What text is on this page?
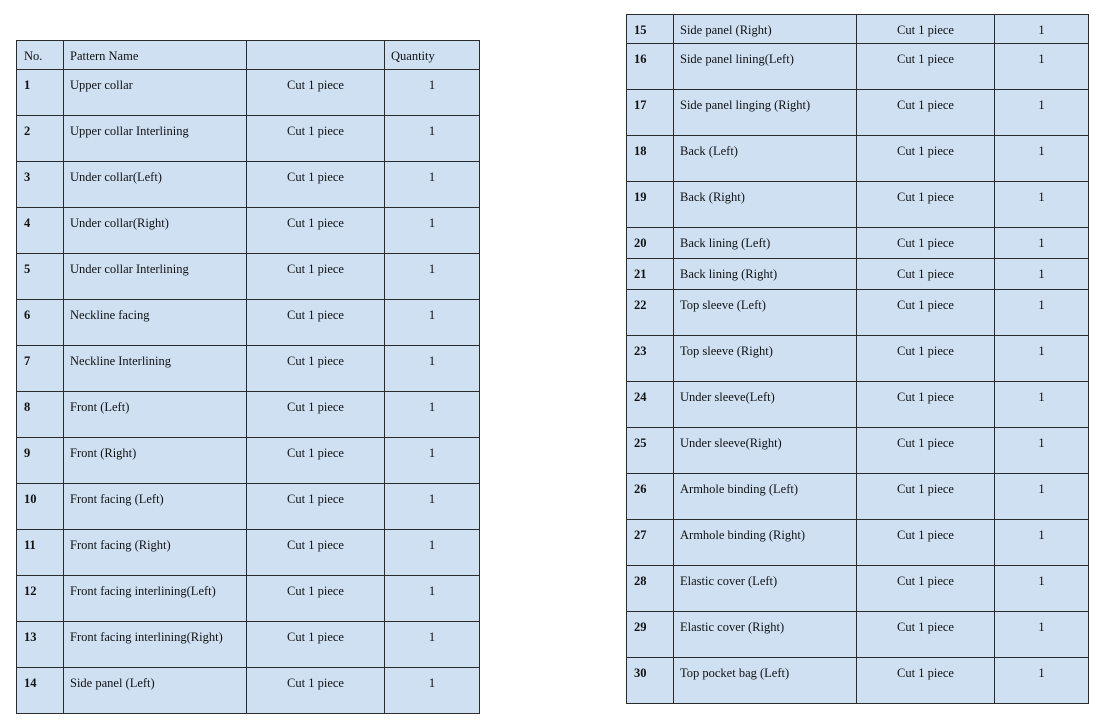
No.	Pattern Name		Quantity
1	Upper collar	Cut 1 piece	1
2	Upper collar Interlining	Cut 1 piece	1
3	Under collar(Left)	Cut 1 piece	1
4	Under collar(Right)	Cut 1 piece	1
5	Under collar Interlining	Cut 1 piece	1
6	Neckline facing	Cut 1 piece	1
7	Neckline Interlining	Cut 1 piece	1
8	Front (Left)	Cut 1 piece	1
9	Front (Right)	Cut 1 piece	1
10	Front facing (Left)	Cut 1 piece	1
11	Front facing (Right)	Cut 1 piece	1
12	Front facing interlining(Left)	Cut 1 piece	1
13	Front facing interlining(Right)	Cut 1 piece	1
14	Side panel (Left)	Cut 1 piece	1
15	Side panel (Right)	Cut 1 piece	1
16	Side panel lining(Left)	Cut 1 piece	1
17	Side panel linging (Right)	Cut 1 piece	1
18	Back (Left)	Cut 1 piece	1
19	Back (Right)	Cut 1 piece	1
20	Back lining (Left)	Cut 1 piece	1
21	Back lining (Right)	Cut 1 piece	1
22	Top sleeve (Left)	Cut 1 piece	1
23	Top sleeve (Right)	Cut 1 piece	1
24	Under sleeve(Left)	Cut 1 piece	1
25	Under sleeve(Right)	Cut 1 piece	1
26	Armhole binding (Left)	Cut 1 piece	1
27	Armhole binding (Right)	Cut 1 piece	1
28	Elastic cover (Left)	Cut 1 piece	1
29	Elastic cover (Right)	Cut 1 piece	1
30	Top pocket bag (Left)	Cut 1 piece	1
